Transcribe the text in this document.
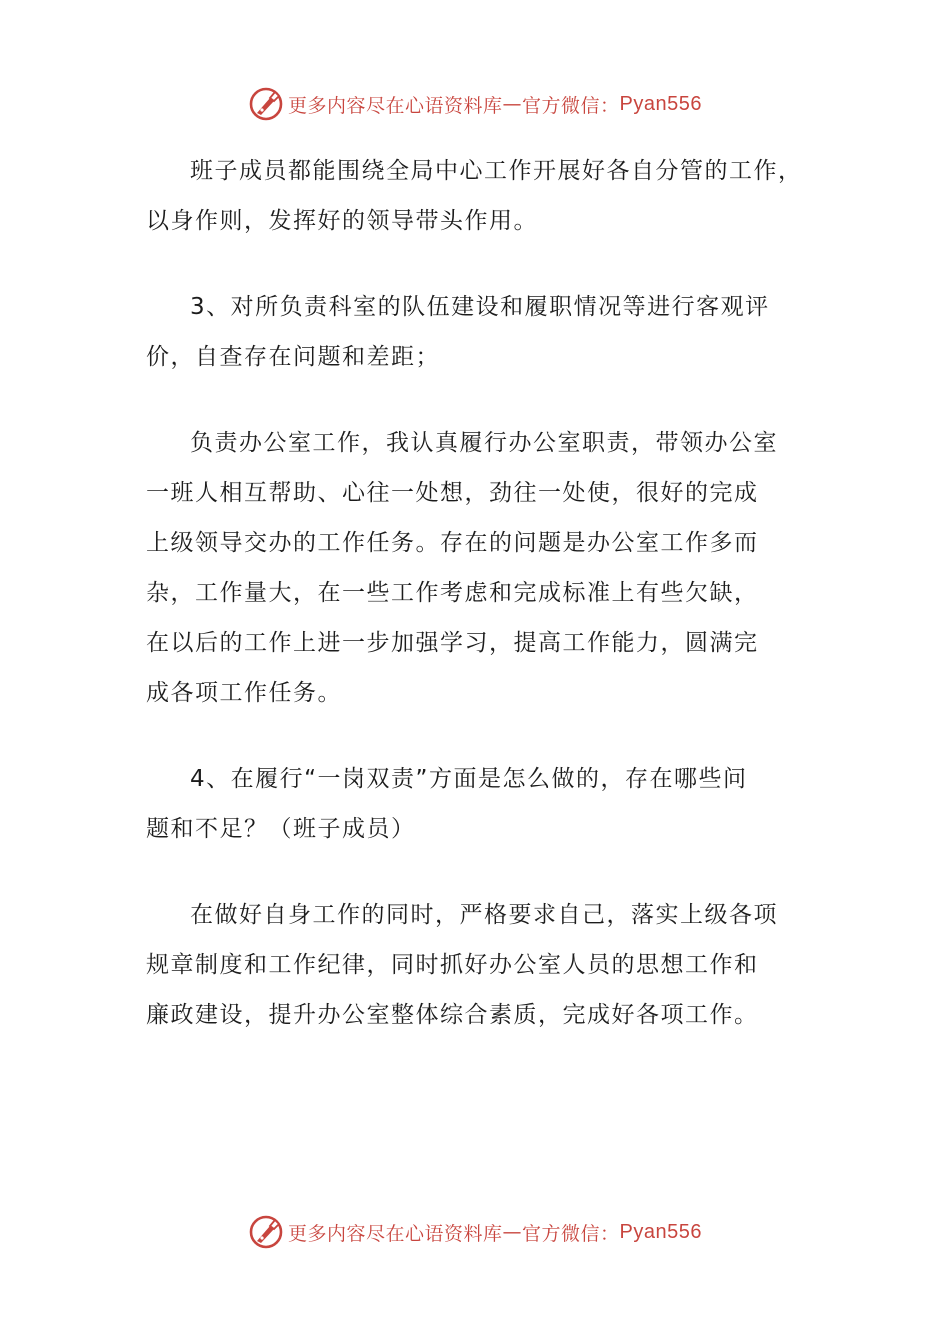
更多内容尽在心语资料库 — 官方微信： Pyan556

班子成员都能围绕全局中心工作开展好各自分管的工作，
以身作则，发挥好的领导带头作用。

3、对所负责科室的队伍建设和履职情况等进行客观评
价，自查存在问题和差距；

负责办公室工作，我认真履行办公室职责，带领办公室
一班人相互帮助、心往一处想，劲往一处使，很好的完成
上级领导交办的工作任务。存在的问题是办公室工作多而
杂，工作量大，在一些工作考虑和完成标准上有些欠缺，
在以后的工作上进一步加强学习，提高工作能力，圆满完
成各项工作任务。

4、在履行“一岗双责”方面是怎么做的，存在哪些问
题和不足？（班子成员）

在做好自身工作的同时，严格要求自己，落实上级各项
规章制度和工作纪律，同时抓好办公室人员的思想工作和
廉政建设，提升办公室整体综合素质，完成好各项工作。

更多内容尽在心语资料库 — 官方微信： Pyan556
